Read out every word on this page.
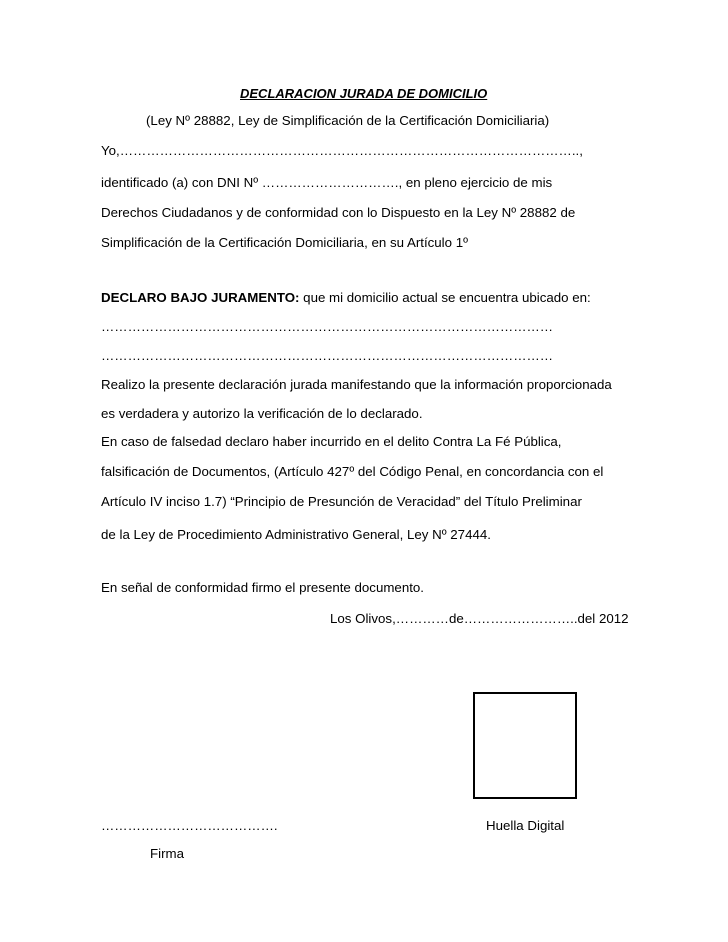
DECLARACION JURADA DE DOMICILIO
(Ley Nº 28882, Ley de Simplificación de la Certificación Domiciliaria)
Yo,…………………………………………………………………………………………..,
identificado (a) con DNI Nº …………………………., en pleno ejercicio de mis
Derechos Ciudadanos y de conformidad con lo Dispuesto en la Ley Nº 28882 de
Simplificación de la Certificación Domiciliaria, en su Artículo 1º
DECLARO BAJO JURAMENTO: que mi domicilio actual se encuentra ubicado en:
…………………………………………………………………………………………
…………………………………………………………………………………………
Realizo la presente declaración jurada manifestando que la información proporcionada
es verdadera y autorizo la verificación de lo declarado.
En caso de falsedad declaro haber incurrido en el delito Contra La Fé Pública,
falsificación de Documentos, (Artículo 427º del Código Penal, en concordancia con el
Artículo IV inciso 1.7) “Principio de Presunción de Veracidad” del Título Preliminar
de la Ley de Procedimiento Administrativo General, Ley Nº 27444.
En señal de conformidad firmo el presente documento.
Los Olivos,…………de……………………..del 2012
………………………………….	Huella Digital
Firma
